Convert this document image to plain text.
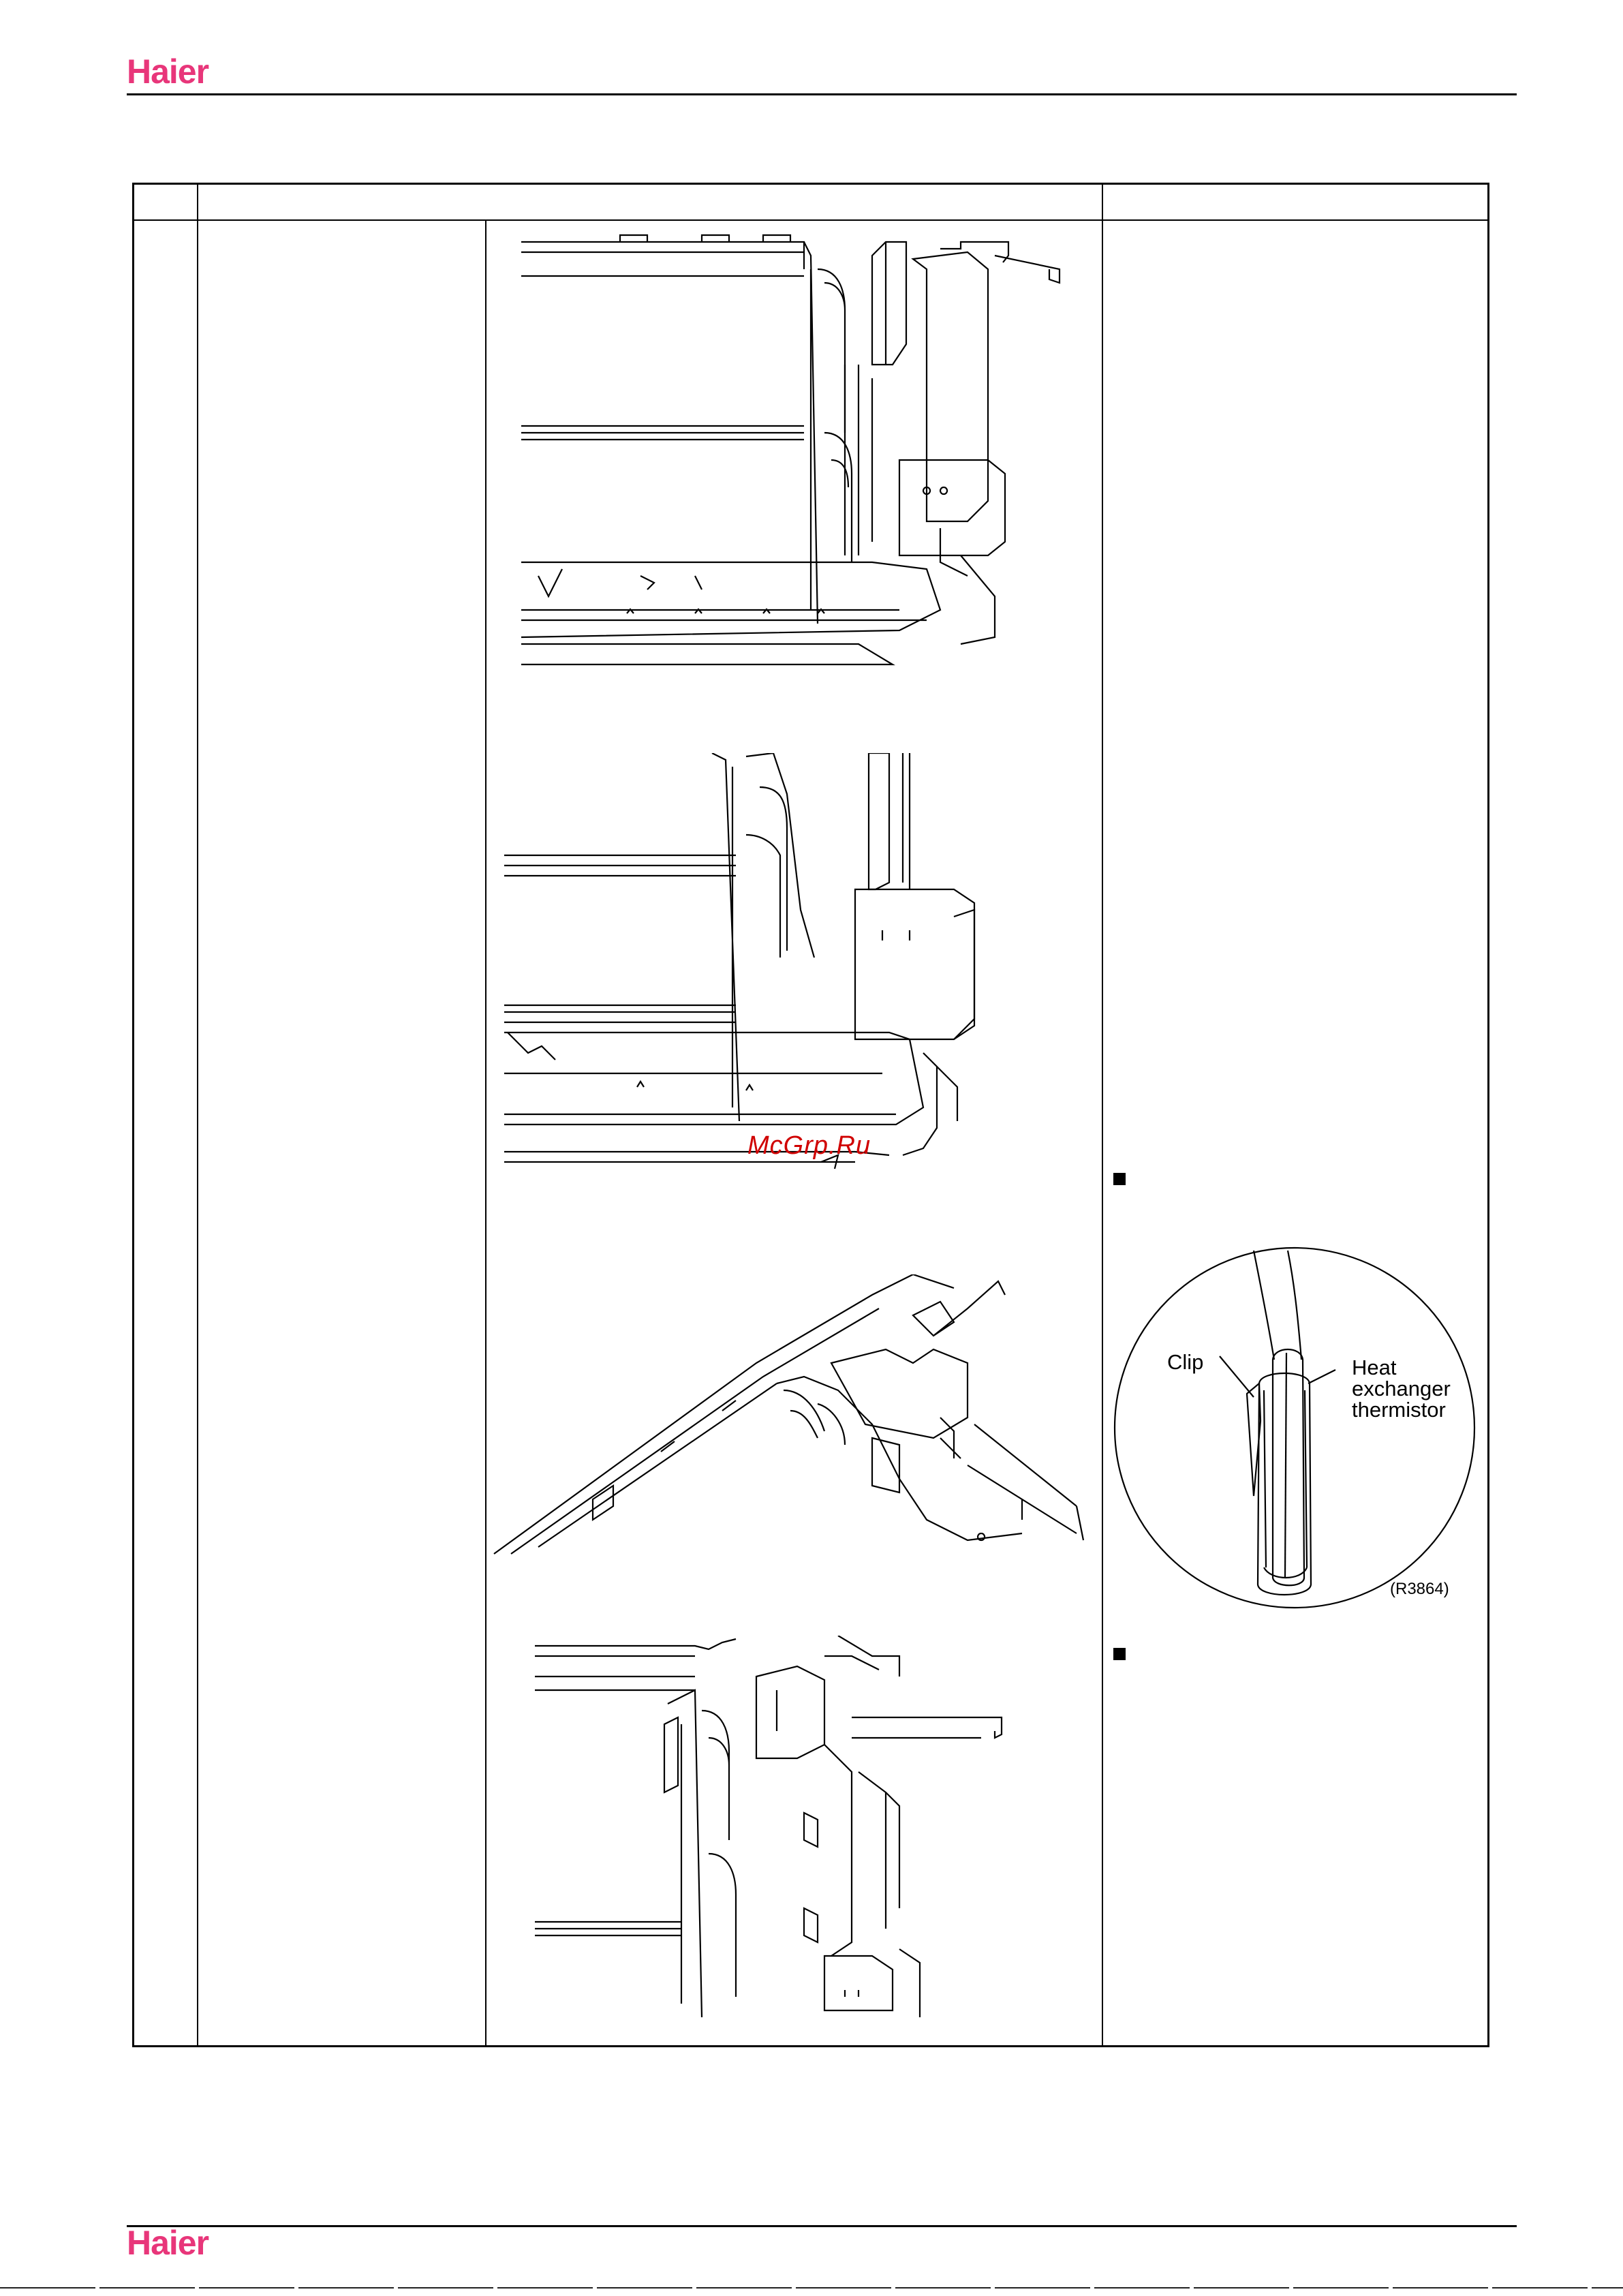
Haier
McGrp.Ru
Clip	Heat
exchanger
thermistor
(R3864)
Haier
